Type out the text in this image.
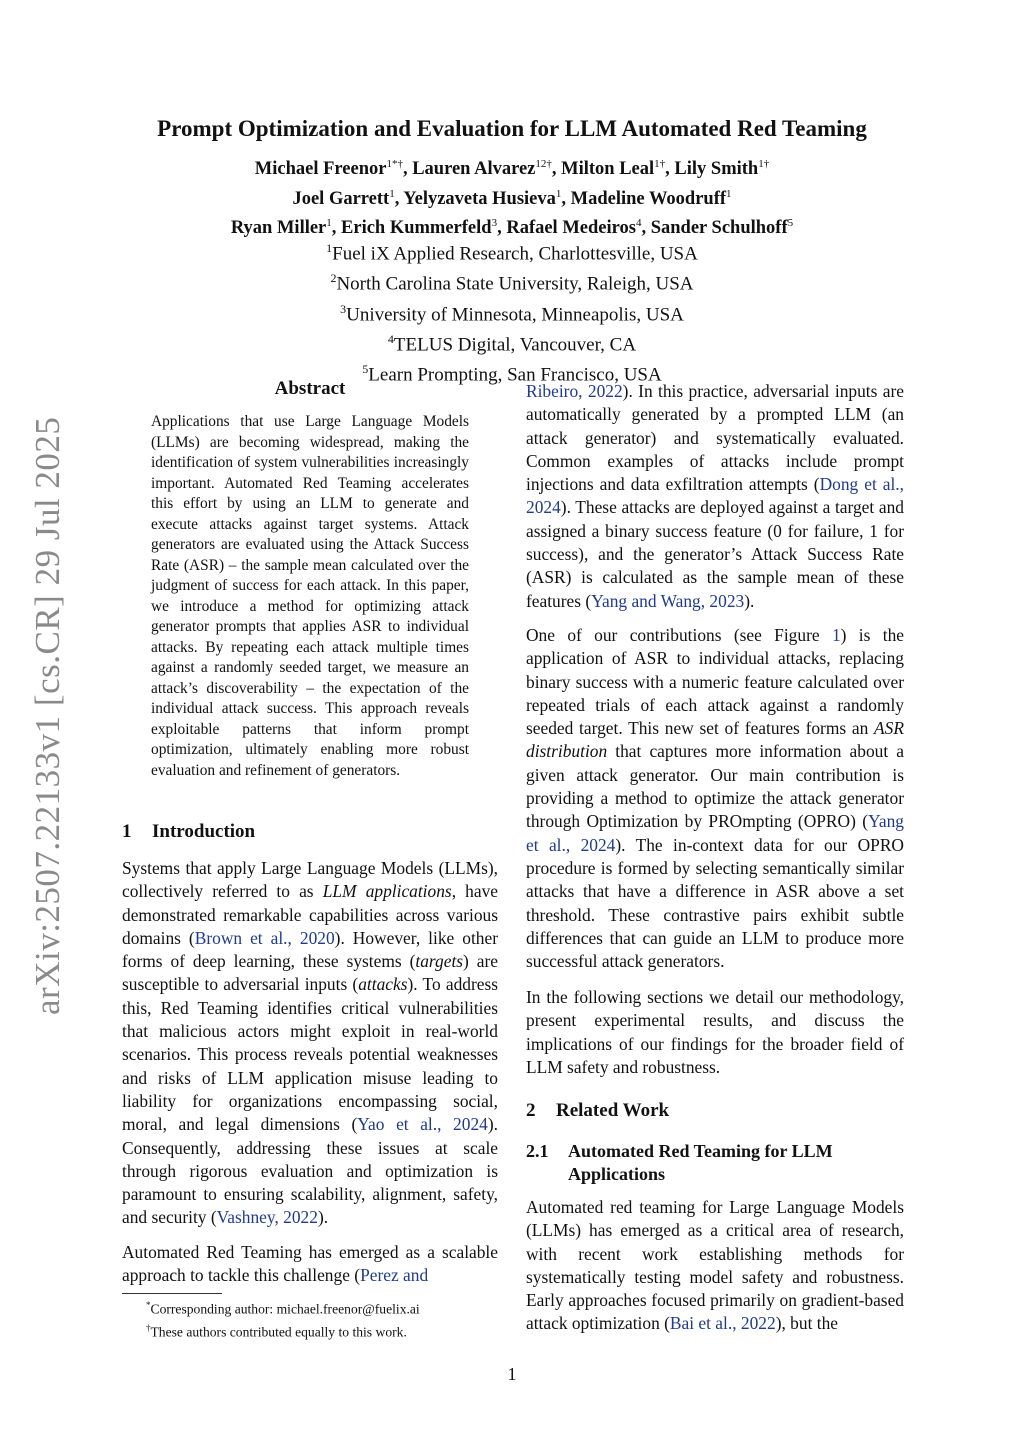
arXiv:2507.22133v1 [cs.CR] 29 Jul 2025
Prompt Optimization and Evaluation for LLM Automated Red Teaming
Michael Freenor$^{1*\dagger}$, Lauren Alvarez$^{12\dagger}$, Milton Leal$^{1\dagger}$, Lily Smith$^{1\dagger}$
Joel Garrett$^1$, Yelyzaveta Husieva$^1$, Madeline Woodruff$^1$
Ryan Miller$^1$, Erich Kummerfeld$^3$, Rafael Medeiros$^4$, Sander Schulhoff$^5$
$^1$Fuel iX Applied Research, Charlottesville, USA
$^2$North Carolina State University, Raleigh, USA
$^3$University of Minnesota, Minneapolis, USA
$^4$TELUS Digital, Vancouver, CA
$^5$Learn Prompting, San Francisco, USA
Abstract
Applications that use Large Language Models (LLMs) are becoming widespread, making the identification of system vulnerabilities increasingly important. Automated Red Teaming accelerates this effort by using an LLM to generate and execute attacks against target systems. Attack generators are evaluated using the Attack Success Rate (ASR) – the sample mean calculated over the judgment of success for each attack. In this paper, we introduce a method for optimizing attack generator prompts that applies ASR to individual attacks. By repeating each attack multiple times against a randomly seeded target, we measure an attack’s discoverability – the expectation of the individual attack success. This approach reveals exploitable patterns that inform prompt optimization, ultimately enabling more robust evaluation and refinement of generators.
1 Introduction

Systems that apply Large Language Models (LLMs), collectively referred to as LLM applications, have demonstrated remarkable capabilities across various domains (Brown et al., 2020). However, like other forms of deep learning, these systems (targets) are susceptible to adversarial inputs (attacks). To address this, Red Teaming identifies critical vulnerabilities that malicious actors might exploit in real-world scenarios. This process reveals potential weaknesses and risks of LLM application misuse leading to liability for organizations encompassing social, moral, and legal dimensions (Yao et al., 2024). Consequently, addressing these issues at scale through rigorous evaluation and optimization is paramount to ensuring scalability, alignment, safety, and security (Vashney, 2022).

Automated Red Teaming has emerged as a scalable approach to tackle this challenge (Perez and

Ribeiro, 2022). In this practice, adversarial inputs are automatically generated by a prompted LLM (an attack generator) and systematically evaluated. Common examples of attacks include prompt injections and data exfiltration attempts (Dong et al., 2024). These attacks are deployed against a target and assigned a binary success feature (0 for failure, 1 for success), and the generator’s Attack Success Rate (ASR) is calculated as the sample mean of these features (Yang and Wang, 2023).

One of our contributions (see Figure 1) is the application of ASR to individual attacks, replacing binary success with a numeric feature calculated over repeated trials of each attack against a randomly seeded target. This new set of features forms an ASR distribution that captures more information about a given attack generator. Our main contribution is providing a method to optimize the attack generator through Optimization by PROmpting (OPRO) (Yang et al., 2024). The in-context data for our OPRO procedure is formed by selecting semantically similar attacks that have a difference in ASR above a set threshold. These contrastive pairs exhibit subtle differences that can guide an LLM to produce more successful attack generators.

In the following sections we detail our methodology, present experimental results, and discuss the implications of our findings for the broader field of LLM safety and robustness.

2 Related Work
2.1 Automated Red Teaming for LLM Applications

Automated red teaming for Large Language Models (LLMs) has emerged as a critical area of research, with recent work establishing methods for systematically testing model safety and robustness. Early approaches focused primarily on gradient-based attack optimization (Bai et al., 2022), but the

*Corresponding author: michael.freenor@fuelix.ai
†These authors contributed equally to this work.
1
